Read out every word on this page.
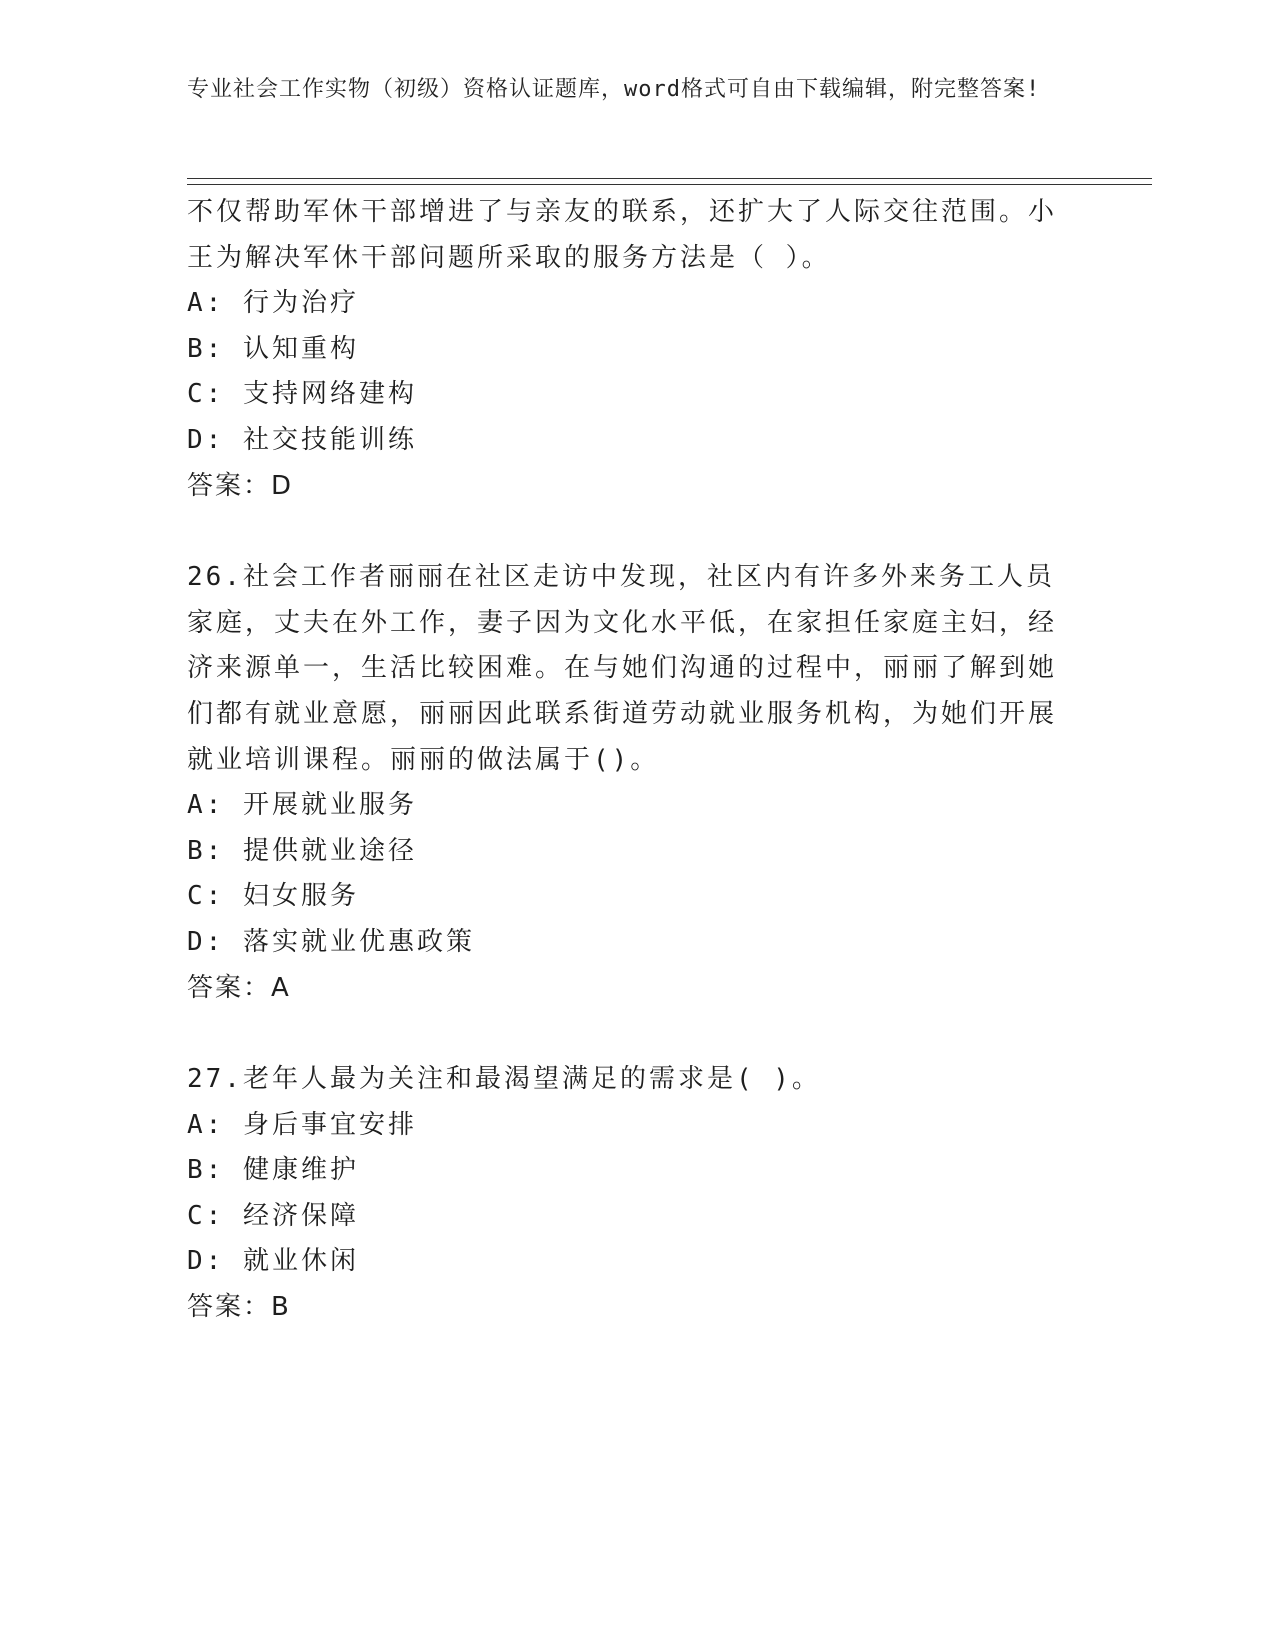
专业社会工作实物（初级）资格认证题库，word格式可自由下载编辑，附完整答案!

不仅帮助军休干部增进了与亲友的联系，还扩大了人际交往范围。小王为解决军休干部问题所采取的服务方法是（ ）。

A: 行为治疗

B: 认知重构

C: 支持网络建构

D: 社交技能训练

答案：D

26.社会工作者丽丽在社区走访中发现，社区内有许多外来务工人员家庭，丈夫在外工作，妻子因为文化水平低，在家担任家庭主妇，经济来源单一，生活比较困难。在与她们沟通的过程中，丽丽了解到她们都有就业意愿，丽丽因此联系街道劳动就业服务机构，为她们开展就业培训课程。丽丽的做法属于()。

A: 开展就业服务

B: 提供就业途径

C: 妇女服务

D: 落实就业优惠政策

答案：A

27.老年人最为关注和最渴望满足的需求是( )。

A: 身后事宜安排

B: 健康维护

C: 经济保障

D: 就业休闲

答案：B
